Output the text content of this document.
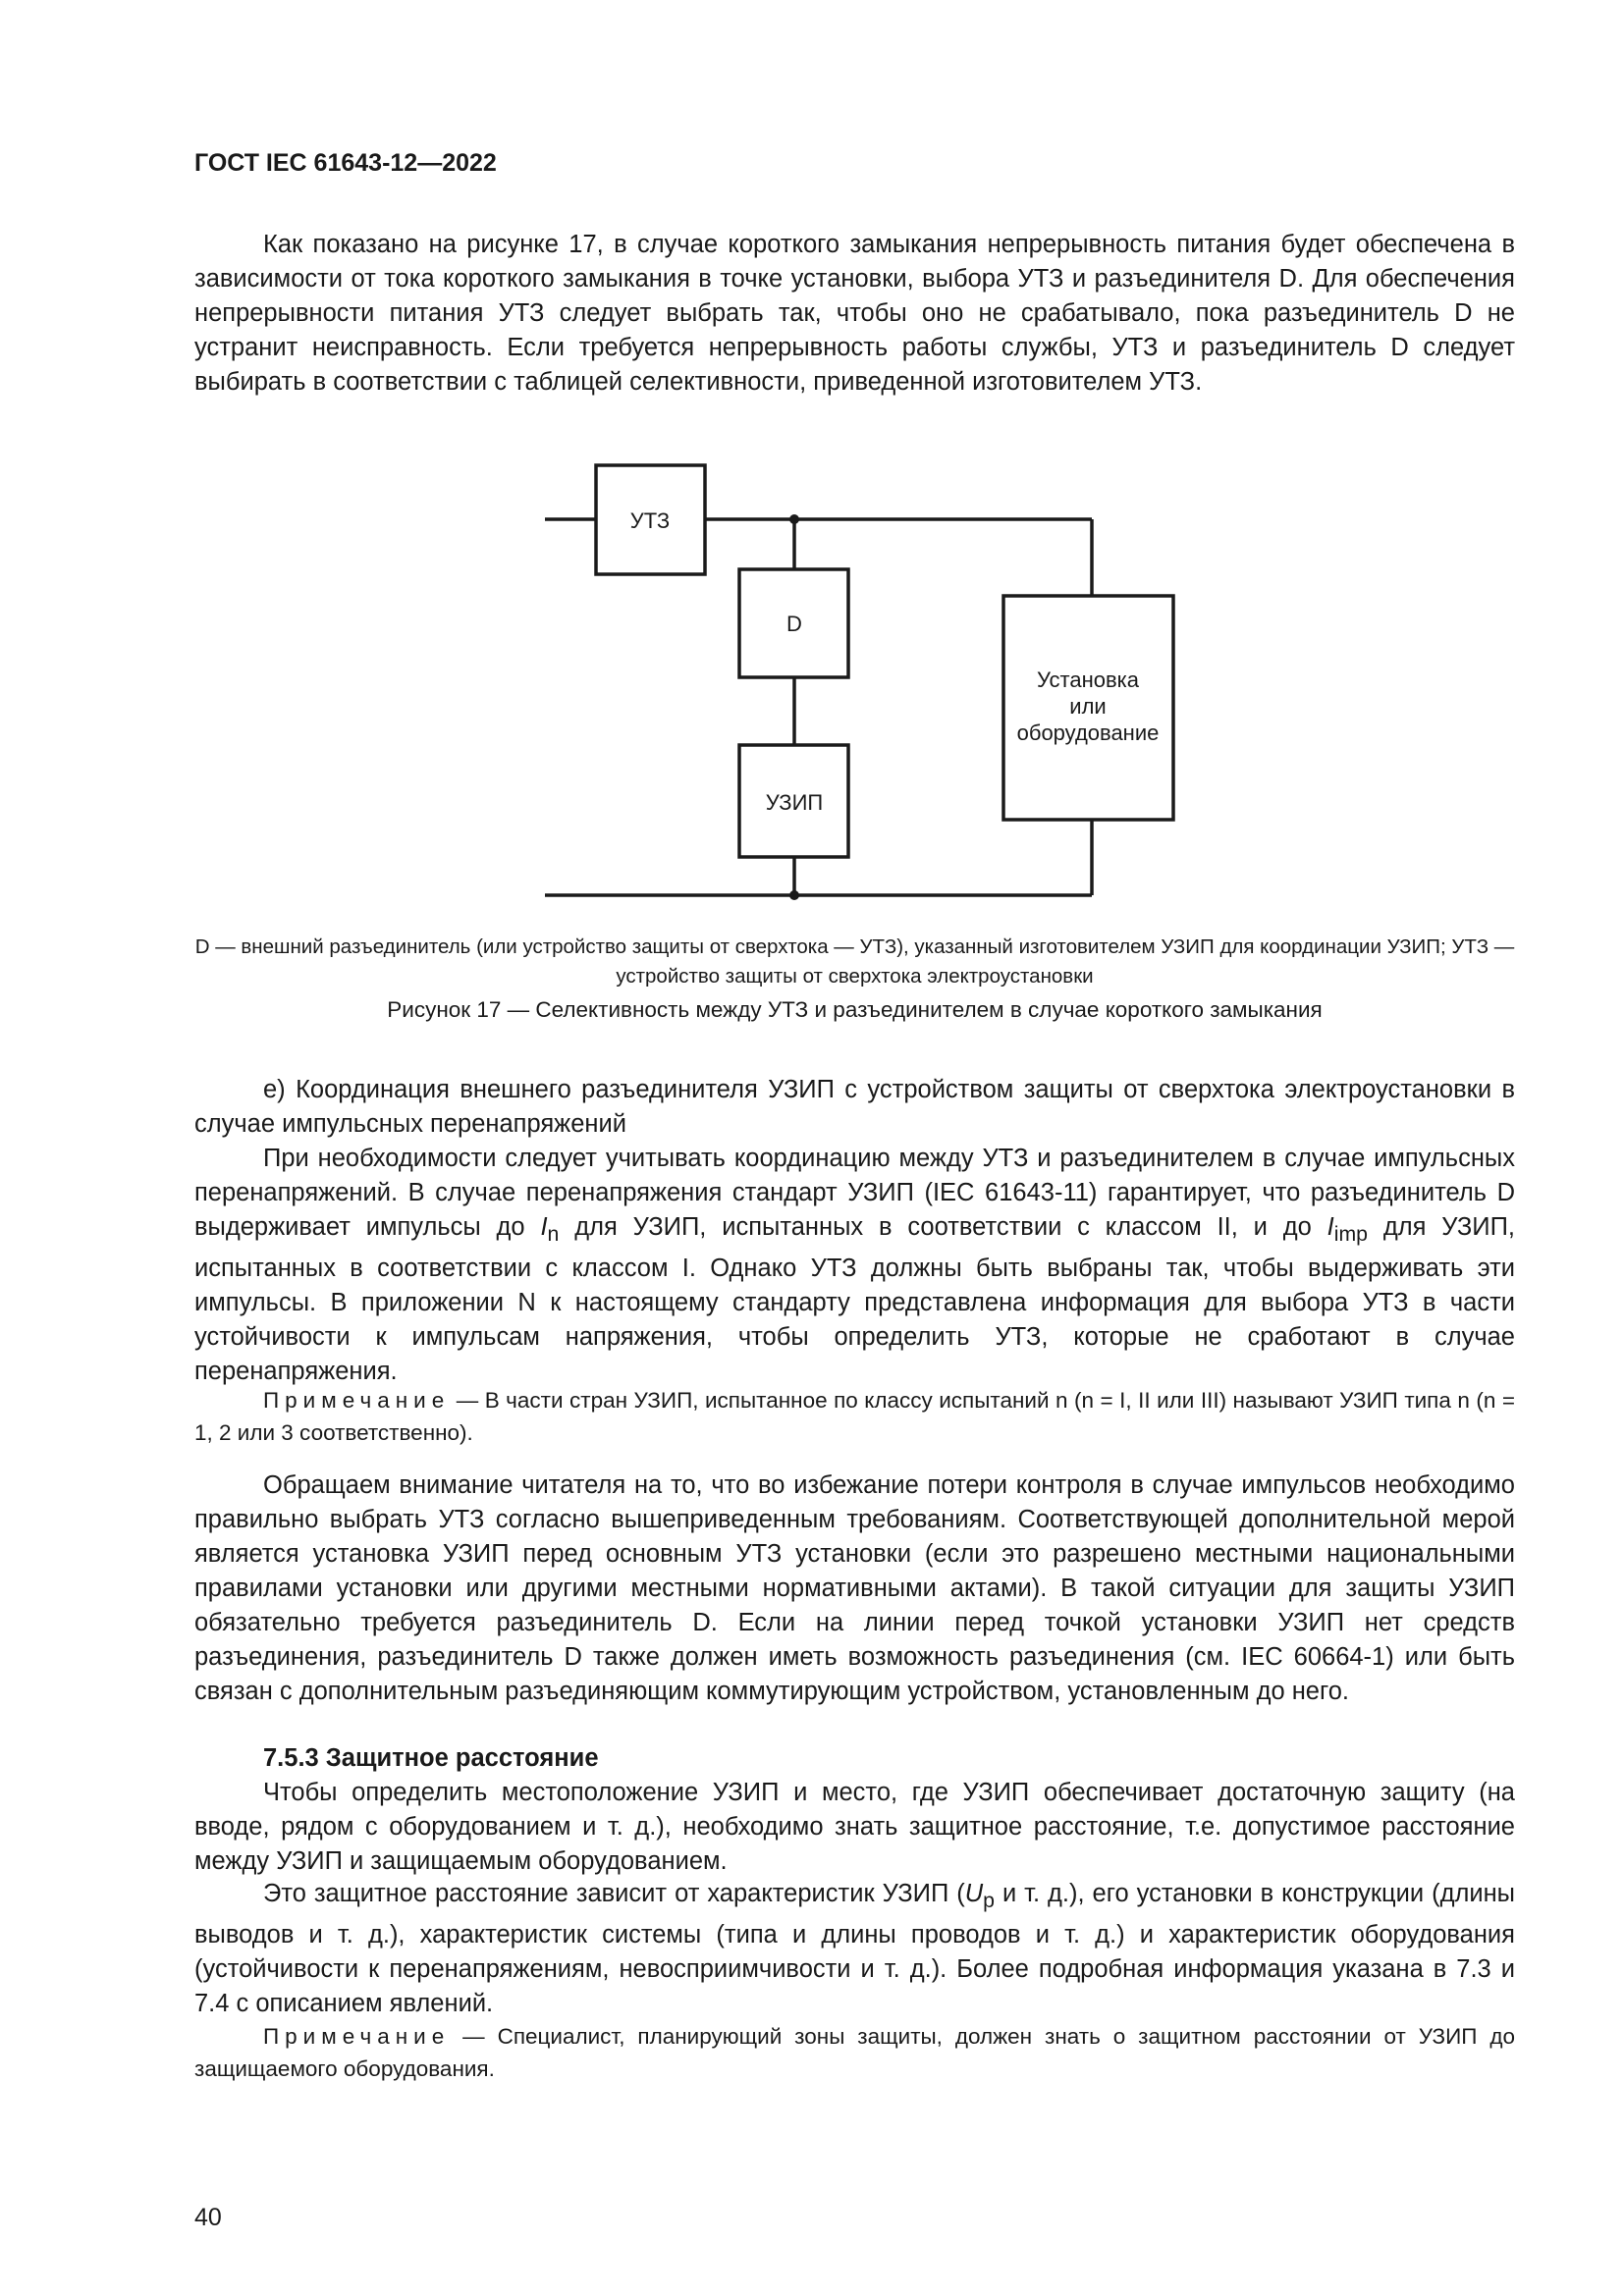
ГОСТ IEC 61643-12—2022

Как показано на рисунке 17, в случае короткого замыкания непрерывность питания будет обеспечена в зависимости от тока короткого замыкания в точке установки, выбора УТЗ и разъединителя D. Для обеспечения непрерывности питания УТЗ следует выбрать так, чтобы оно не срабатывало, пока разъединитель D не устранит неисправность. Если требуется непрерывность работы службы, УТЗ и разъединитель D следует выбирать в соответствии с таблицей селективности, приведенной изготовителем УТЗ.

УТЗ
D
УЗИП
Установка
или
оборудование

D — внешний разъединитель (или устройство защиты от сверхтока — УТЗ), указанный изготовителем УЗИП для координации УЗИП; УТЗ — устройство защиты от сверхтока электроустановки

Рисунок 17 — Селективность между УТЗ и разъединителем в случае короткого замыкания

е) Координация внешнего разъединителя УЗИП с устройством защиты от сверхтока электроустановки в случае импульсных перенапряжений

При необходимости следует учитывать координацию между УТЗ и разъединителем в случае импульсных перенапряжений. В случае перенапряжения стандарт УЗИП (IEC 61643-11) гарантирует, что разъединитель D выдерживает импульсы до $I_n$ для УЗИП, испытанных в соответствии с классом II, и до $I_{imp}$ для УЗИП, испытанных в соответствии с классом I. Однако УТЗ должны быть выбраны так, чтобы выдерживать эти импульсы. В приложении N к настоящему стандарту представлена информация для выбора УТЗ в части устойчивости к импульсам напряжения, чтобы определить УТЗ, которые не сработают в случае перенапряжения.

Примечание — В части стран УЗИП, испытанное по классу испытаний n (n = I, II или III) называют УЗИП типа n (n = 1, 2 или 3 соответственно).

Обращаем внимание читателя на то, что во избежание потери контроля в случае импульсов необходимо правильно выбрать УТЗ согласно вышеприведенным требованиям. Соответствующей дополнительной мерой является установка УЗИП перед основным УТЗ установки (если это разрешено местными национальными правилами установки или другими местными нормативными актами). В такой ситуации для защиты УЗИП обязательно требуется разъединитель D. Если на линии перед точкой установки УЗИП нет средств разъединения, разъединитель D также должен иметь возможность разъединения (см. IEC 60664-1) или быть связан с дополнительным разъединяющим коммутирующим устройством, установленным до него.

7.5.3 Защитное расстояние

Чтобы определить местоположение УЗИП и место, где УЗИП обеспечивает достаточную защиту (на вводе, рядом с оборудованием и т. д.), необходимо знать защитное расстояние, т.е. допустимое расстояние между УЗИП и защищаемым оборудованием.

Это защитное расстояние зависит от характеристик УЗИП ($U_p$ и т. д.), его установки в конструкции (длины выводов и т. д.), характеристик системы (типа и длины проводов и т. д.) и характеристик оборудования (устойчивости к перенапряжениям, невосприимчивости и т. д.). Более подробная информация указана в 7.3 и 7.4 с описанием явлений.

Примечание — Специалист, планирующий зоны защиты, должен знать о защитном расстоянии от УЗИП до защищаемого оборудования.

40
